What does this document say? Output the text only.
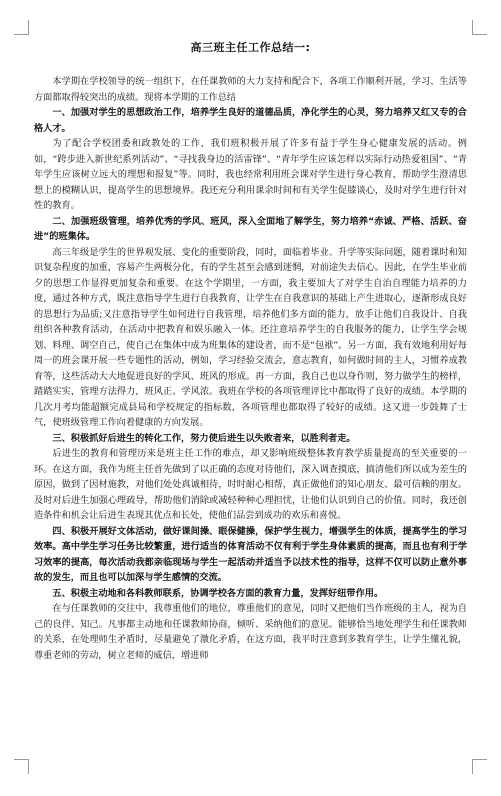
高三班主任工作总结一:

本学期在学校领导的统一组织下，在任课教师的大力支持和配合下，各项工作顺利开展，学习、生活等方面都取得较突出的成绩。现将本学期的工作总结

一、加强对学生的思想政治工作，培养学生良好的道德品质，净化学生的心灵，努力培养又红又专的合格人才。

为了配合学校团委和政教处的工作，我们班积极开展了许多有益于学生身心健康发展的活动。例如，“跨步进入新世纪系列活动”、“寻找我身边的活雷锋”、“青年学生应该怎样以实际行动热爱祖国”、“青年学生应该树立远大的理想和报复”等。同时，我也经常利用班会课对学生进行身心教育，帮助学生澄清思想上的模糊认识，提高学生的思想境界。我还充分利用课余时间和有关学生促膝谈心，及时对学生进行针对性的教育。

二、加强班级管理，培养优秀的学风、班风，深入全面地了解学生，努力培养“赤诚、严格、活跃、奋进”的班集体。

高三年级是学生的世界观发展、变化的重要阶段，同时，面临着毕业、升学等实际问题，随着课时和知识复杂程度的加重，容易产生两极分化，有的学生甚至会感到迷惘，对前途失去信心。因此，在学生毕业前夕的思想工作显得更加复杂和重要。在这个学期里，一方面，我主要加大了对学生自治自理能力培养的力度，通过各种方式，既注意指导学生进行自我教育，让学生在自我意识的基础上产生进取心，逐渐形成良好的思想行为品质;又注意指导学生如何进行自我管理，培养他们多方面的能力，放手让他们自我设计、自我组织各种教育活动，在活动中把教育和娱乐融入一体。还注意培养学生的自我服务的能力，让学生学会规划、料理、调空自己，使自己在集体中成为班集体的建设者，而不是“包袱”。另一方面，我有效地利用好每周一的班会课开展一些专题性的活动，例如，学习经验交流会，意志教育，如何做时间的主人，习惯养成教育等，这些活动大大地促进良好的学风、班风的形成。再一方面，我自己也以身作则，努力做学生的榜样，踏踏实实，管理方法得力，班风正、学风浓。我班在学校的各项管理评比中都取得了良好的成绩。本学期的几次月考均能超额完成县局和学校规定的指标数，各项管理也都取得了较好的成绩。这又进一步鼓舞了士气，使班级管理工作向着健康的方向发展。

三、积极抓好后进生的转化工作，努力使后进生以失败者来，以胜利者走。

后进生的教育和管理历来是班主任工作的难点，却又影响班级整体教育教学质量提高的至关重要的一环。在这方面，我作为班主任首先做到了以正确的态度对待他们，深入调查摸底，搞清他们所以成为差生的原因，做到了因材施教，对他们处处真诚相待，时时耐心相帮，真正做他们的知心朋友、最可信赖的朋友。及时对后进生加强心理疏导，帮助他们消除或减轻种种心理担忧，让他们认识到自己的价值。同时，我还创造条件和机会让后进生表现其优点和长处，使他们品尝到成功的欢乐和喜悦。

四、积极开展好文体活动，做好课间操、眼保健操，保护学生视力，增强学生的体质，提高学生的学习效率。高中学生学习任务比较繁重，进行适当的体育活动不仅有利于学生身体素质的提高，而且也有利于学习效率的提高，每次活动我都亲临现场与学生一起活动并适当予以技术性的指导，这样不仅可以防止意外事故的发生，而且也可以加深与学生感情的交流。

五、积极主动地和各科教师联系，协调学校各方面的教育力量，发挥好纽带作用。

在与任课教师的交往中，我尊重他们的地位，尊重他们的意见，同时又把他们当作班级的主人，视为自己的良伴、知己。凡事都主动地和任课教师协商，倾听、采纳他们的意见。能够恰当地处理学生和任课教师的关系，在处理师生矛盾时，尽量避免了激化矛盾，在这方面，我平时注意到多教育学生，让学生懂礼貌，尊重老师的劳动，树立老师的威信，增进师
